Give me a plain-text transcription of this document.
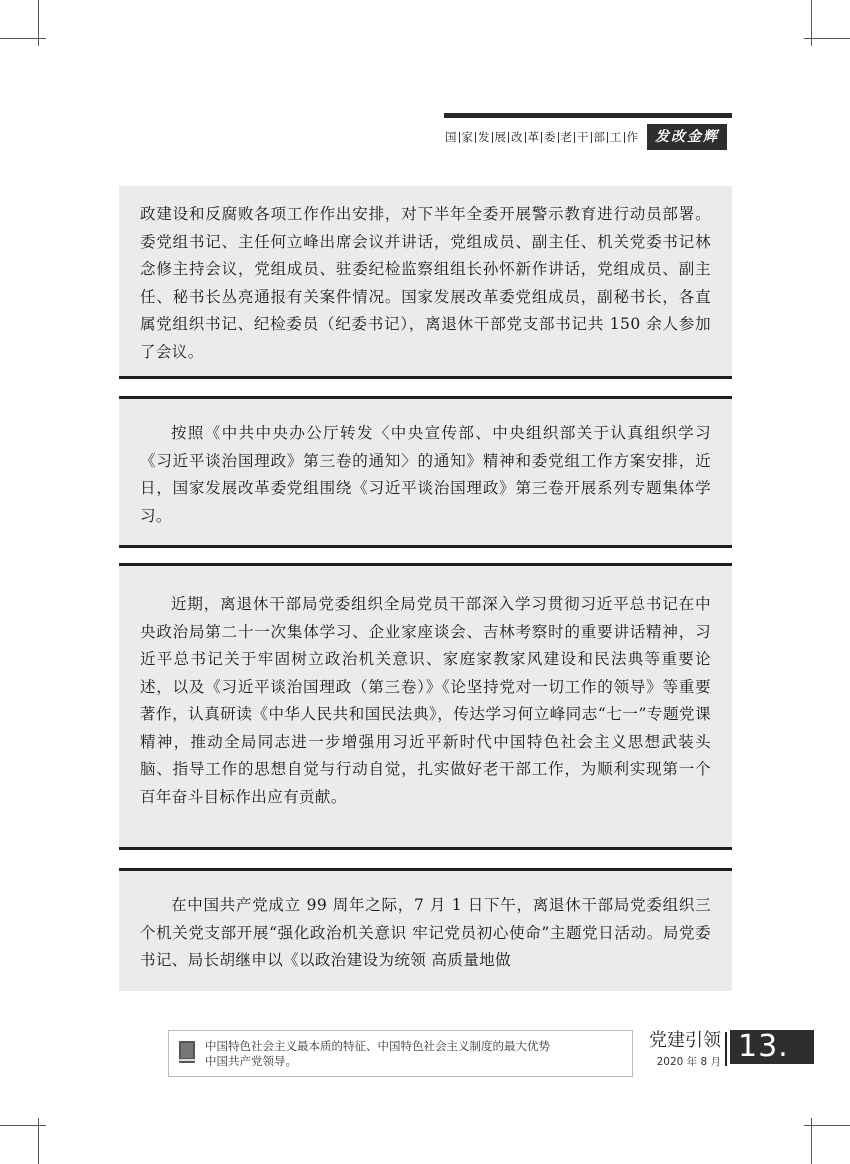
国 家 发 展 改 革 委 老 干 部 工 作	发改金辉

政建设和反腐败各项工作作出安排，对下半年全委开展警示教育进行动员部署。委党组书记、主任何立峰出席会议并讲话，党组成员、副主任、机关党委书记林念修主持会议，党组成员、驻委纪检监察组组长孙怀新作讲话，党组成员、副主任、秘书长丛亮通报有关案件情况。国家发展改革委党组成员，副秘书长，各直属党组织书记、纪检委员（纪委书记），离退休干部党支部书记共 150 余人参加了会议。

按照《中共中央办公厅转发〈中央宣传部、中央组织部关于认真组织学习《习近平谈治国理政》第三卷的通知〉的通知》精神和委党组工作方案安排，近日，国家发展改革委党组围绕《习近平谈治国理政》第三卷开展系列专题集体学习。

近期，离退休干部局党委组织全局党员干部深入学习贯彻习近平总书记在中央政治局第二十一次集体学习、企业家座谈会、吉林考察时的重要讲话精神，习近平总书记关于牢固树立政治机关意识、家庭家教家风建设和民法典等重要论述，以及《习近平谈治国理政（第三卷）》《论坚持党对一切工作的领导》等重要著作，认真研读《中华人民共和国民法典》，传达学习何立峰同志“七一”专题党课精神，推动全局同志进一步增强用习近平新时代中国特色社会主义思想武装头脑、指导工作的思想自觉与行动自觉，扎实做好老干部工作，为顺利实现第一个百年奋斗目标作出应有贡献。

在中国共产党成立 99 周年之际，7 月 1 日下午，离退休干部局党委组织三个机关党支部开展“强化政治机关意识 牢记党员初心使命”主题党日活动。局党委书记、局长胡继申以《以政治建设为统领 高质量地做

中国特色社会主义最本质的特征、中国特色社会主义制度的最大优势
中国共产党领导。
党建引领
2020 年 8 月 13.
